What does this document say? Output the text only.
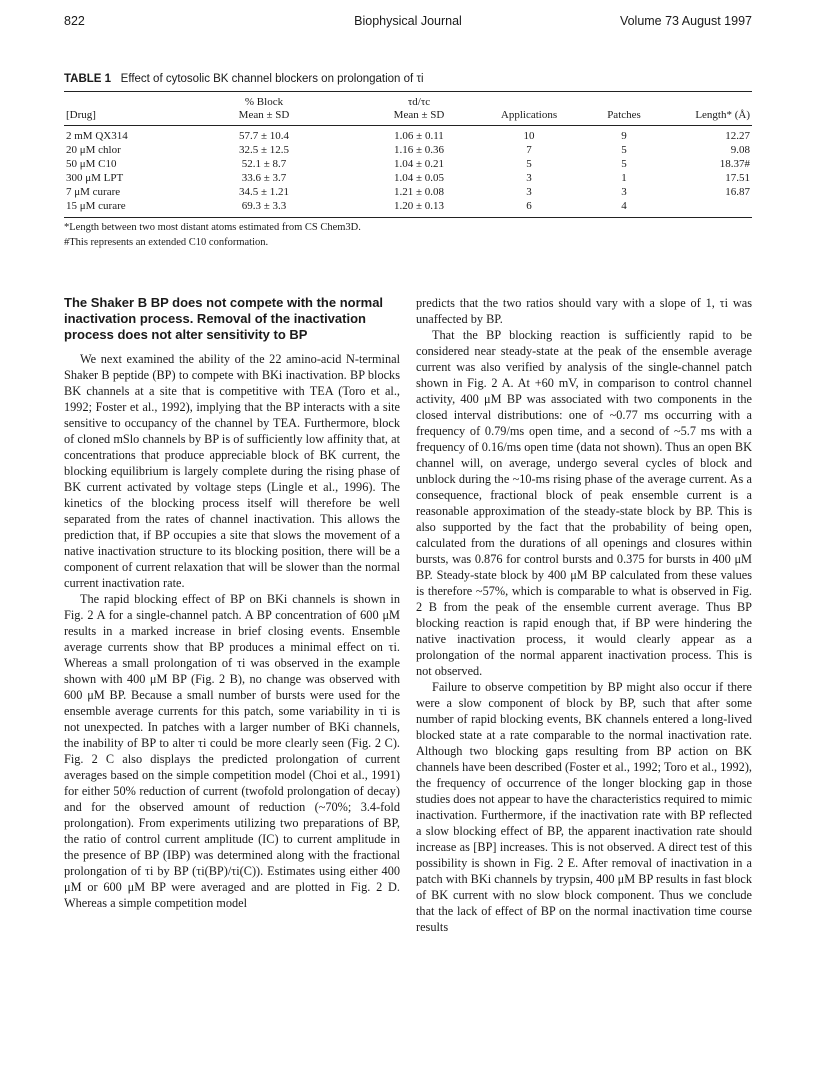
822	Biophysical Journal	Volume 73 August 1997
TABLE 1 Effect of cytosolic BK channel blockers on prolongation of τi
% Block	τd/τc
[Drug]	Mean ± SD	Mean ± SD	Applications	Patches	Length* (Å)
2 mM QX314	57.7 ± 10.4	1.06 ± 0.11	10	9	12.27
20 μM chlor	32.5 ± 12.5	1.16 ± 0.36	7	5	9.08
50 μM C10	52.1 ± 8.7	1.04 ± 0.21	5	5	18.37#
300 μM LPT	33.6 ± 3.7	1.04 ± 0.05	3	1	17.51
7 μM curare	34.5 ± 1.21	1.21 ± 0.08	3	3	16.87
15 μM curare	69.3 ± 3.3	1.20 ± 0.13	6	4
*Length between two most distant atoms estimated from CS Chem3D.
#This represents an extended C10 conformation.
The Shaker B BP does not compete with the normal inactivation process. Removal of the inactivation process does not alter sensitivity to BP

We next examined the ability of the 22 amino-acid N-terminal Shaker B peptide (BP) to compete with BKi inactivation. BP blocks BK channels at a site that is competitive with TEA (Toro et al., 1992; Foster et al., 1992), implying that the BP interacts with a site sensitive to occupancy of the channel by TEA. Furthermore, block of cloned mSlo channels by BP is of sufficiently low affinity that, at concentrations that produce appreciable block of BK current, the blocking equilibrium is largely complete during the rising phase of BK current activated by voltage steps (Lingle et al., 1996). The kinetics of the blocking process itself will therefore be well separated from the rates of channel inactivation. This allows the prediction that, if BP occupies a site that slows the movement of a native inactivation structure to its blocking position, there will be a component of current relaxation that will be slower than the normal current inactivation rate.

The rapid blocking effect of BP on BKi channels is shown in Fig. 2 A for a single-channel patch. A BP concentration of 600 μM results in a marked increase in brief closing events. Ensemble average currents show that BP produces a minimal effect on τi. Whereas a small prolongation of τi was observed in the example shown with 400 μM BP (Fig. 2 B), no change was observed with 600 μM BP. Because a small number of bursts were used for the ensemble average currents for this patch, some variability in τi is not unexpected. In patches with a larger number of BKi channels, the inability of BP to alter τi could be more clearly seen (Fig. 2 C). Fig. 2 C also displays the predicted prolongation of current averages based on the simple competition model (Choi et al., 1991) for either 50% reduction of current (twofold prolongation of decay) and for the observed amount of reduction (~70%; 3.4-fold prolongation). From experiments utilizing two preparations of BP, the ratio of control current amplitude (IC) to current amplitude in the presence of BP (IBP) was determined along with the fractional prolongation of τi by BP (τi(BP)/τi(C)). Estimates using either 400 μM or 600 μM BP were averaged and are plotted in Fig. 2 D. Whereas a simple competition model

predicts that the two ratios should vary with a slope of 1, τi was unaffected by BP.

That the BP blocking reaction is sufficiently rapid to be considered near steady-state at the peak of the ensemble average current was also verified by analysis of the single-channel patch shown in Fig. 2 A. At +60 mV, in comparison to control channel activity, 400 μM BP was associated with two components in the closed interval distributions: one of ~0.77 ms occurring with a frequency of 0.79/ms open time, and a second of ~5.7 ms with a frequency of 0.16/ms open time (data not shown). Thus an open BK channel will, on average, undergo several cycles of block and unblock during the ~10-ms rising phase of the average current. As a consequence, fractional block of peak ensemble current is a reasonable approximation of the steady-state block by BP. This is also supported by the fact that the probability of being open, calculated from the durations of all openings and closures within bursts, was 0.876 for control bursts and 0.375 for bursts in 400 μM BP. Steady-state block by 400 μM BP calculated from these values is therefore ~57%, which is comparable to what is observed in Fig. 2 B from the peak of the ensemble current average. Thus BP blocking reaction is rapid enough that, if BP were hindering the native inactivation process, it would clearly appear as a prolongation of the normal apparent inactivation process. This is not observed.

Failure to observe competition by BP might also occur if there were a slow component of block by BP, such that after some number of rapid blocking events, BK channels entered a long-lived blocked state at a rate comparable to the normal inactivation rate. Although two blocking gaps resulting from BP action on BK channels have been described (Foster et al., 1992; Toro et al., 1992), the frequency of occurrence of the longer blocking gap in those studies does not appear to have the characteristics required to mimic inactivation. Furthermore, if the inactivation rate with BP reflected a slow blocking effect of BP, the apparent inactivation rate should increase as [BP] increases. This is not observed. A direct test of this possibility is shown in Fig. 2 E. After removal of inactivation in a patch with BKi channels by trypsin, 400 μM BP results in fast block of BK current with no slow block component. Thus we conclude that the lack of effect of BP on the normal inactivation time course results
